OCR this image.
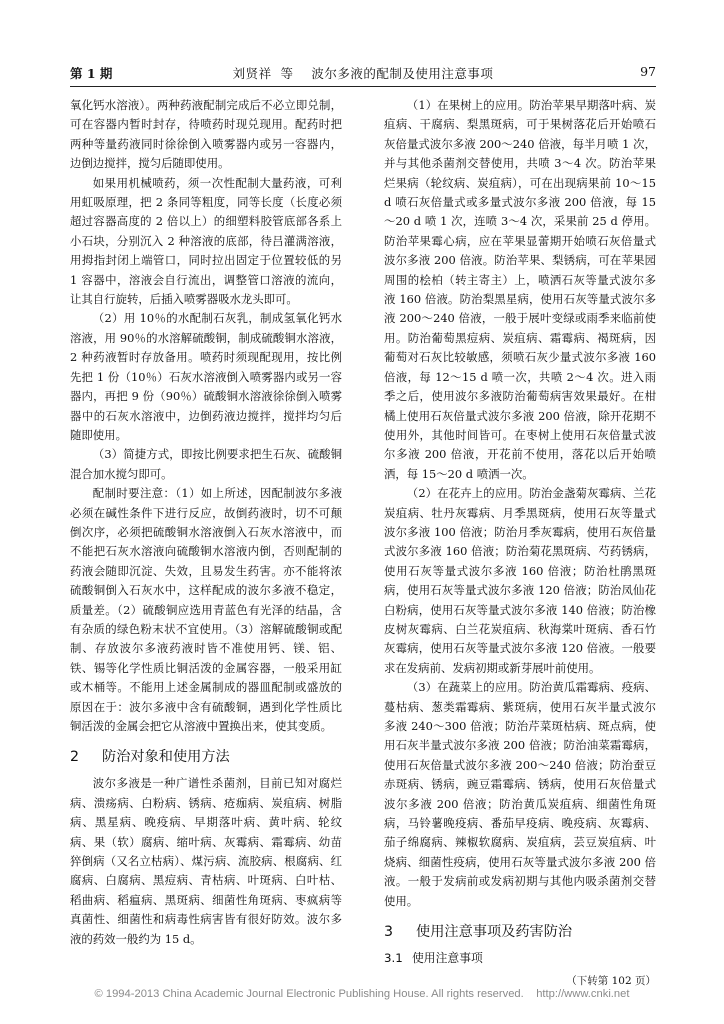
第 1 期	刘贤祥  等    波尔多液的配制及使用注意事项	97

氧化钙水溶液）。两种药液配制完成后不必立即兑制，可在容器内暂时封存，待喷药时现兑现用。配药时把两种等量药液同时徐徐倒入喷雾器内或另一容器内，边倒边搅拌，搅匀后随即使用。

如果用机械喷药，须一次性配制大量药液，可利用虹吸原理，把 2 条同等粗度，同等长度（长度必须超过容器高度的 2 倍以上）的细塑料胶管底部各系上小石块，分别沉入 2 种溶液的底部，待吕灌满溶液，用拇指封闭上端管口，同时拉出固定于位置较低的另 1 容器中，溶液会自行流出，调整管口溶液的流向，让其自行旋转，后插入喷雾器吸水龙头即可。

（2）用 10％的水配制石灰乳，制成氢氧化钙水溶液，用 90％的水溶解硫酸铜，制成硫酸铜水溶液，2 种药液暂时存放备用。喷药时须现配现用，按比例先把 1 份（10％）石灰水溶液倒入喷雾器内或另一容器内，再把 9 份（90％）硫酸铜水溶液徐徐倒入喷雾器中的石灰水溶液中，边倒药液边搅拌，搅拌均匀后随即使用。

（3）简捷方式，即按比例要求把生石灰、硫酸铜混合加水搅匀即可。

配制时要注意：（1）如上所述，因配制波尔多液必须在碱性条件下进行反应，故倒药液时，切不可颠倒次序，必须把硫酸铜水溶液倒入石灰水溶液中，而不能把石灰水溶液向硫酸铜水溶液内倒，否则配制的药液会随即沉淀、失效，且易发生药害。亦不能将浓硫酸铜倒入石灰水中，这样配成的波尔多液不稳定，质量差。（2）硫酸铜应选用青蓝色有光泽的结晶，含有杂质的绿色粉末状不宜使用。（3）溶解硫酸铜或配制、存放波尔多液药液时皆不准使用钙、镁、铝、铁、锡等化学性质比铜活泼的金属容器，一般采用缸或木桶等。不能用上述金属制成的器皿配制或盛放的原因在于：波尔多液中含有硫酸铜，遇到化学性质比铜活泼的金属会把它从溶液中置换出来，使其变质。

2 防治对象和使用方法

波尔多液是一种广谱性杀菌剂，目前已知对腐烂病、溃疡病、白粉病、锈病、疮痂病、炭疽病、树脂病、黑星病、晚疫病、早期落叶病、黄叶病、轮纹病、果（软）腐病、缩叶病、灰霉病、霜霉病、幼苗猝倒病（又名立枯病）、煤污病、流胶病、根腐病、红腐病、白腐病、黑痘病、青枯病、叶斑病、白叶枯、稻曲病、稻瘟病、黑斑病、细菌性角斑病、枣疯病等真菌性、细菌性和病毒性病害皆有很好防效。波尔多液的药效一般约为 15 d。

（1）在果树上的应用。防治苹果早期落叶病、炭疽病、干腐病、梨黑斑病，可于果树落花后开始喷石灰倍量式波尔多液 200～240 倍液，每半月喷 1 次，并与其他杀菌剂交替使用，共喷 3～4 次。防治苹果烂果病（轮纹病、炭疽病），可在出现病果前 10～15 d 喷石灰倍量式或多量式波尔多液 200 倍液，每 15～20 d 喷 1 次，连喷 3～4 次，采果前 25 d 停用。防治苹果霉心病，应在苹果显蕾期开始喷石灰倍量式波尔多液 200 倍液。防治苹果、梨锈病，可在苹果园周围的桧柏（转主寄主）上，喷洒石灰等量式波尔多液 160 倍液。防治梨黑星病，使用石灰等量式波尔多液 200～240 倍液，一般于展叶变绿或雨季来临前使用。防治葡萄黑痘病、炭疽病、霜霉病、褐斑病，因葡萄对石灰比较敏感，须喷石灰少量式波尔多液 160 倍液，每 12～15 d 喷一次，共喷 2～4 次。进入雨季之后，使用波尔多液防治葡萄病害效果最好。在柑橘上使用石灰倍量式波尔多液 200 倍液，除开花期不使用外，其他时间皆可。在枣树上使用石灰倍量式波尔多液 200 倍液，开花前不使用，落花以后开始喷洒，每 15～20 d 喷洒一次。

（2）在花卉上的应用。防治金盏菊灰霉病、兰花炭疽病、牡丹灰霉病、月季黑斑病，使用石灰等量式波尔多液 100 倍液；防治月季灰霉病，使用石灰倍量式波尔多液 160 倍液；防治菊花黑斑病、芍药锈病，使用石灰等量式波尔多液 160 倍液；防治杜鹃黑斑病，使用石灰等量式波尔多液 120 倍液；防治凤仙花白粉病，使用石灰等量式波尔多液 140 倍液；防治橡皮树灰霉病、白兰花炭疽病、秋海棠叶斑病、香石竹灰霉病，使用石灰等量式波尔多液 120 倍液。一般要求在发病前、发病初期或新芽展叶前使用。

（3）在蔬菜上的应用。防治黄瓜霜霉病、疫病、蔓枯病、葱类霜霉病、紫斑病，使用石灰半量式波尔多液 240～300 倍液；防治芹菜斑枯病、斑点病，使用石灰半量式波尔多液 200 倍液；防治油菜霜霉病，使用石灰倍量式波尔多液 200～240 倍液；防治蚕豆赤斑病、锈病，豌豆霜霉病、锈病，使用石灰倍量式波尔多液 200 倍液；防治黄瓜炭疽病、细菌性角斑病，马铃薯晚疫病、番茄早疫病、晚疫病、灰霉病、茄子绵腐病、辣椒软腐病、炭疽病，芸豆炭疽病、叶烧病、细菌性疫病，使用石灰等量式波尔多液 200 倍液。一般于发病前或发病初期与其他内吸杀菌剂交替使用。

3 使用注意事项及药害防治
3.1 使用注意事项
（下转第 102 页）
© 1994-2013 China Academic Journal Electronic Publishing House. All rights reserved.    http://www.cnki.net
